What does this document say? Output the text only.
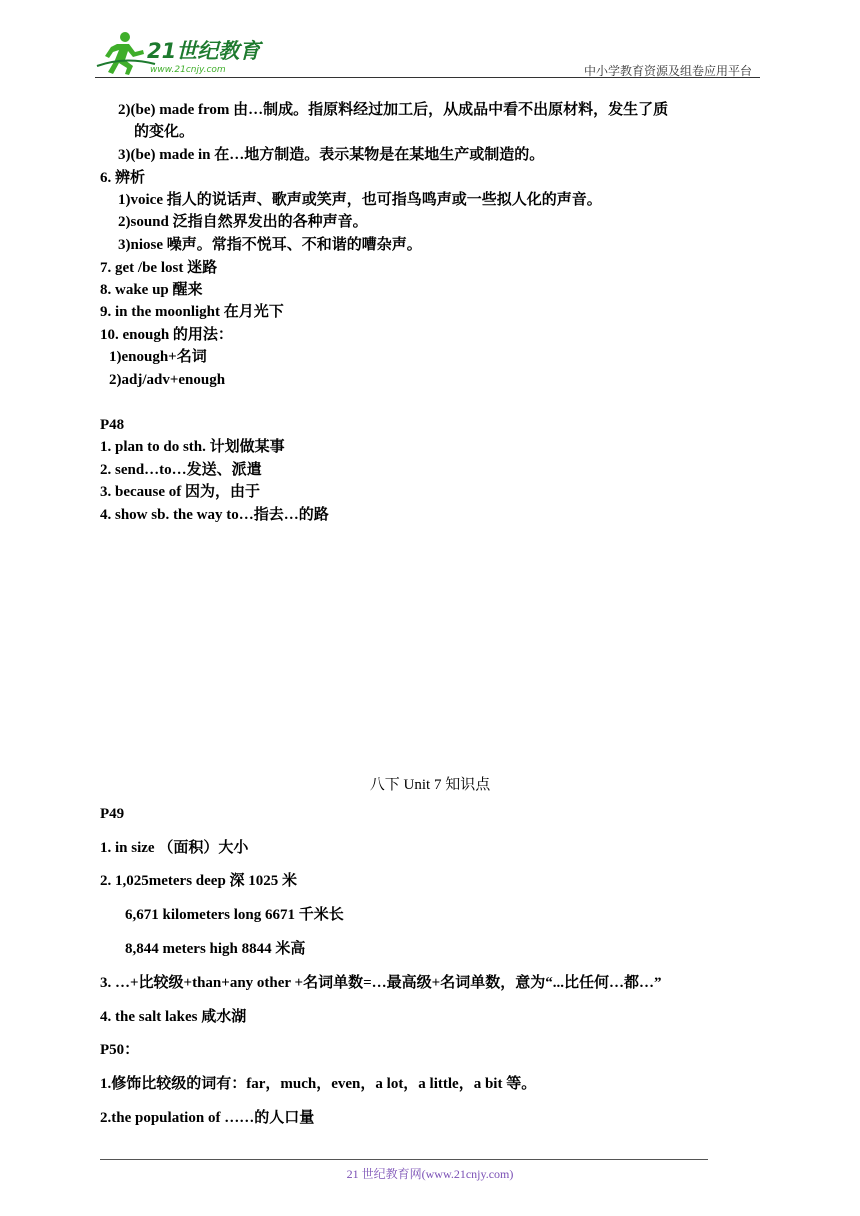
21世纪教育
www.21cnjy.com	中小学教育资源及组卷应用平台
2)(be) made from 由…制成。指原料经过加工后，从成品中看不出原材料，发生了质
的变化。
3)(be) made in 在…地方制造。表示某物是在某地生产或制造的。
6. 辨析
1)voice 指人的说话声、歌声或笑声，也可指鸟鸣声或一些拟人化的声音。
2)sound 泛指自然界发出的各种声音。
3)niose 噪声。常指不悦耳、不和谐的嘈杂声。
7. get /be lost 迷路
8. wake up 醒来
9. in the moonlight 在月光下
10. enough 的用法：
1)enough+名词
2)adj/adv+enough
P48
1. plan to do sth. 计划做某事
2. send…to…发送、派遣
3. because of 因为，由于
4. show sb. the way to…指去…的路
八下 Unit 7 知识点
P49
1. in size （面积）大小
2. 1,025meters deep 深 1025 米
6,671 kilometers long 6671 千米长
8,844 meters high 8844 米高
3. …+比较级+than+any other +名词单数=…最高级+名词单数，意为“...比任何…都…”
4. the salt lakes 咸水湖
P50：
1.修饰比较级的词有：far，much，even，a lot，a little，a bit 等。
2.the population of ……的人口量
21 世纪教育网(www.21cnjy.com)
